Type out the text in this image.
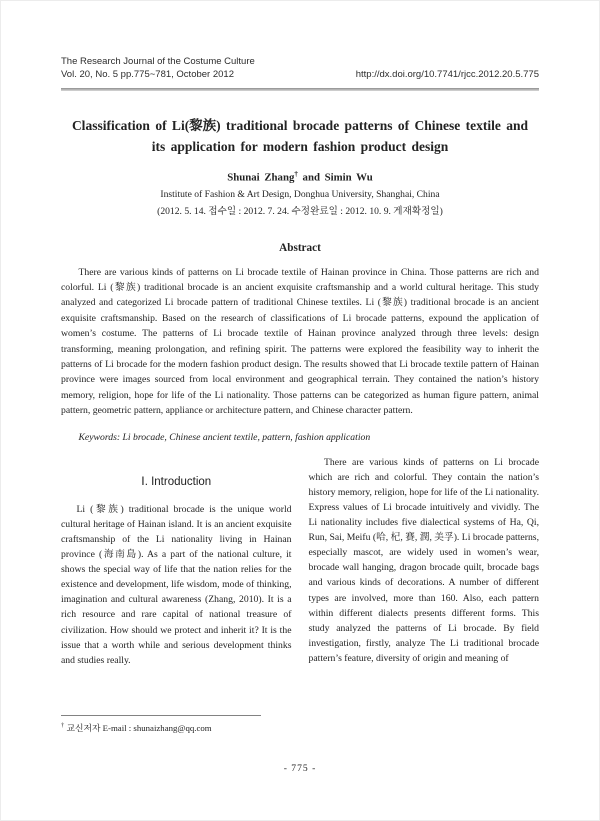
The Research Journal of the Costume Culture
Vol. 20, No. 5 pp.775~781, October 2012	http://dx.doi.org/10.7741/rjcc.2012.20.5.775
Classification of Li(黎族) traditional brocade patterns of Chinese textile and its application for modern fashion product design
Shunai Zhang† and Simin Wu
Institute of Fashion & Art Design, Donghua University, Shanghai, China
(2012. 5. 14. 접수일 : 2012. 7. 24. 수정완료일 : 2012. 10. 9. 게재확정일)
Abstract

There are various kinds of patterns on Li brocade textile of Hainan province in China. Those patterns are rich and colorful. Li (黎族) traditional brocade is an ancient exquisite craftsmanship and a world cultural heritage. This study analyzed and categorized Li brocade pattern of traditional Chinese textiles. Li (黎族) traditional brocade is an ancient exquisite craftsmanship. Based on the research of classifications of Li brocade patterns, expound the application of women’s costume. The patterns of Li brocade textile of Hainan province analyzed through three levels: design transforming, meaning prolongation, and refining spirit. The patterns were explored the feasibility way to inherit the patterns of Li brocade for the modern fashion product design. The results showed that Li brocade textile pattern of Hainan province were images sourced from local environment and geographical terrain. They contained the nation’s history memory, religion, hope for life of the Li nationality. Those patterns can be categorized as human figure pattern, animal pattern, geometric pattern, appliance or architecture pattern, and Chinese character pattern.

Keywords: Li brocade, Chinese ancient textile, pattern, fashion application

Ⅰ. Introduction

Li (黎族) traditional brocade is the unique world cultural heritage of Hainan island. It is an ancient exquisite craftsmanship of the Li nationality living in Hainan province (海南島). As a part of the national culture, it shows the special way of life that the nation relies for the existence and development, life wisdom, mode of thinking, imagination and cultural awareness (Zhang, 2010). It is a rich resource and rare capital of national treasure of civilization. How should we protect and inherit it? It is the issue that a worth while and serious development thinks and studies really.

There are various kinds of patterns on Li brocade which are rich and colorful. They contain the nation’s history memory, religion, hope for life of the Li nationality. Express values of Li brocade intuitively and vividly. The Li nationality includes five dialectical systems of Ha, Qi, Run, Sai, Meifu (哈, 杞, 賽, 潤, 美孚). Li brocade patterns, especially mascot, are widely used in women’s wear, brocade wall hanging, dragon brocade quilt, brocade bags and various kinds of decorations. A number of different types are involved, more than 160. Also, each pattern within different dialects presents different forms. This study analyzed the patterns of Li brocade. By field investigation, firstly, analyze The Li traditional brocade pattern’s feature, diversity of origin and meaning of

† 교신저자 E-mail : shunaizhang@qq.com
- 775 -
